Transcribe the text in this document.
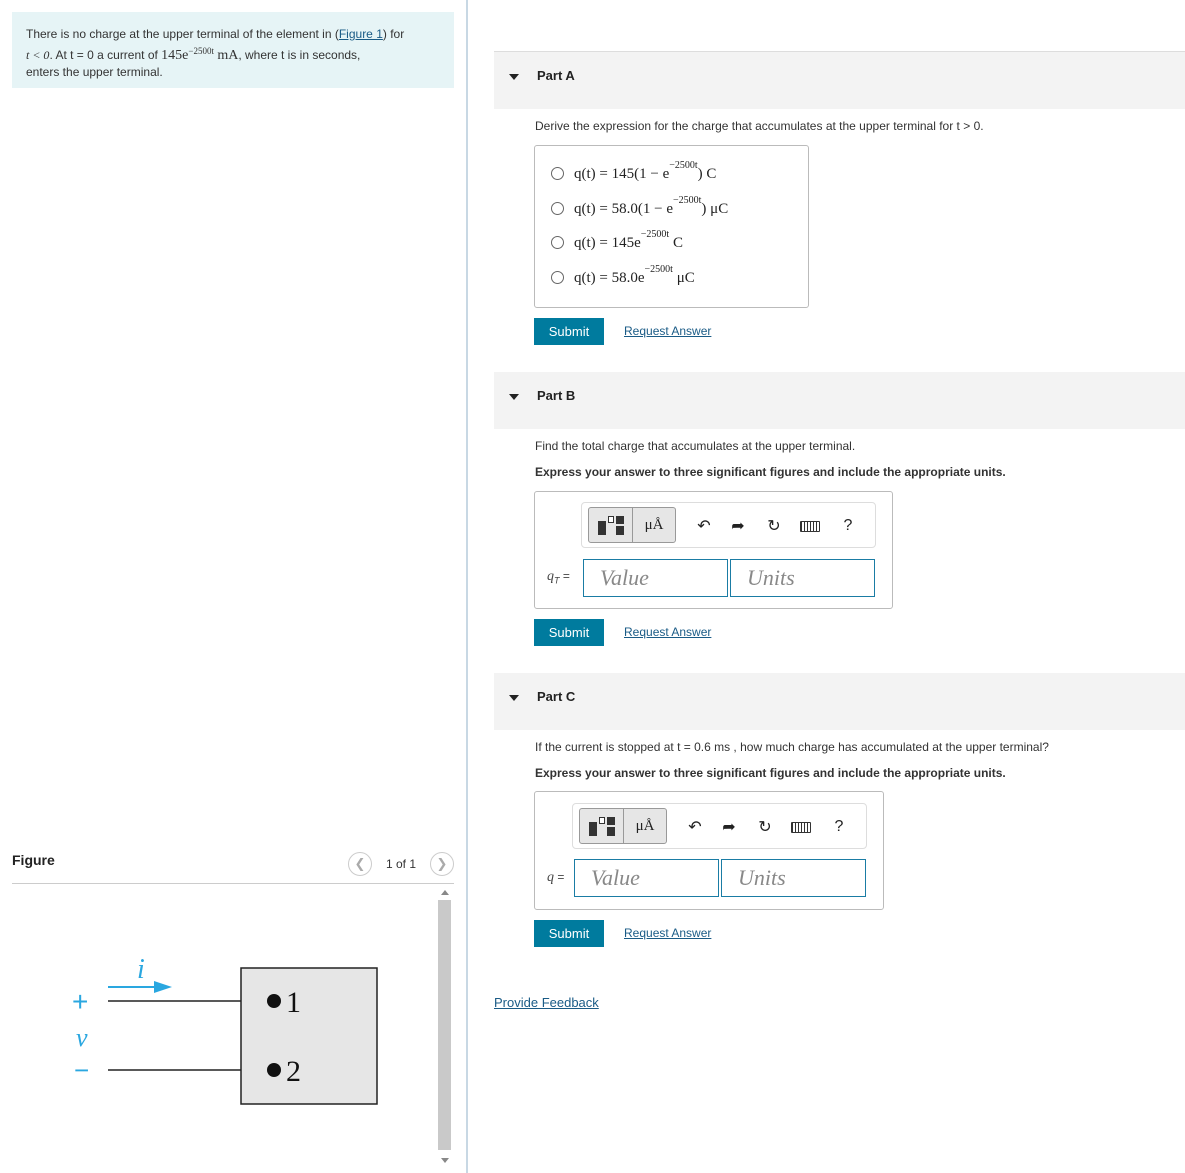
There is no charge at the upper terminal of the element in (Figure 1) for
t < 0. At t = 0 a current of $145e^{-2500t}$ mA, where t is in seconds,
enters the upper terminal.
Figure	❮	1 of 1	❯
i
+
v
−
1
2
Part A
Derive the expression for the charge that accumulates at the upper terminal for t > 0.
$q(t) = 145(1 - e^{-2500t})$ C
$q(t) = 58.0(1 - e^{-2500t})$ μC
$q(t) = 145e^{-2500t}$ C
$q(t) = 58.0e^{-2500t}$ μC
Submit	Request Answer
Part B
Find the total charge that accumulates at the upper terminal.
Express your answer to three significant figures and include the appropriate units.
μÅ ↶ ➦ ↻	?
$q_T$ =	Value	Units
Submit	Request Answer
Part C
If the current is stopped at t = 0.6 ms , how much charge has accumulated at the upper terminal?
Express your answer to three significant figures and include the appropriate units.
μÅ ↶ ➦ ↻	?
q =	Value	Units
Submit	Request Answer
Provide Feedback
